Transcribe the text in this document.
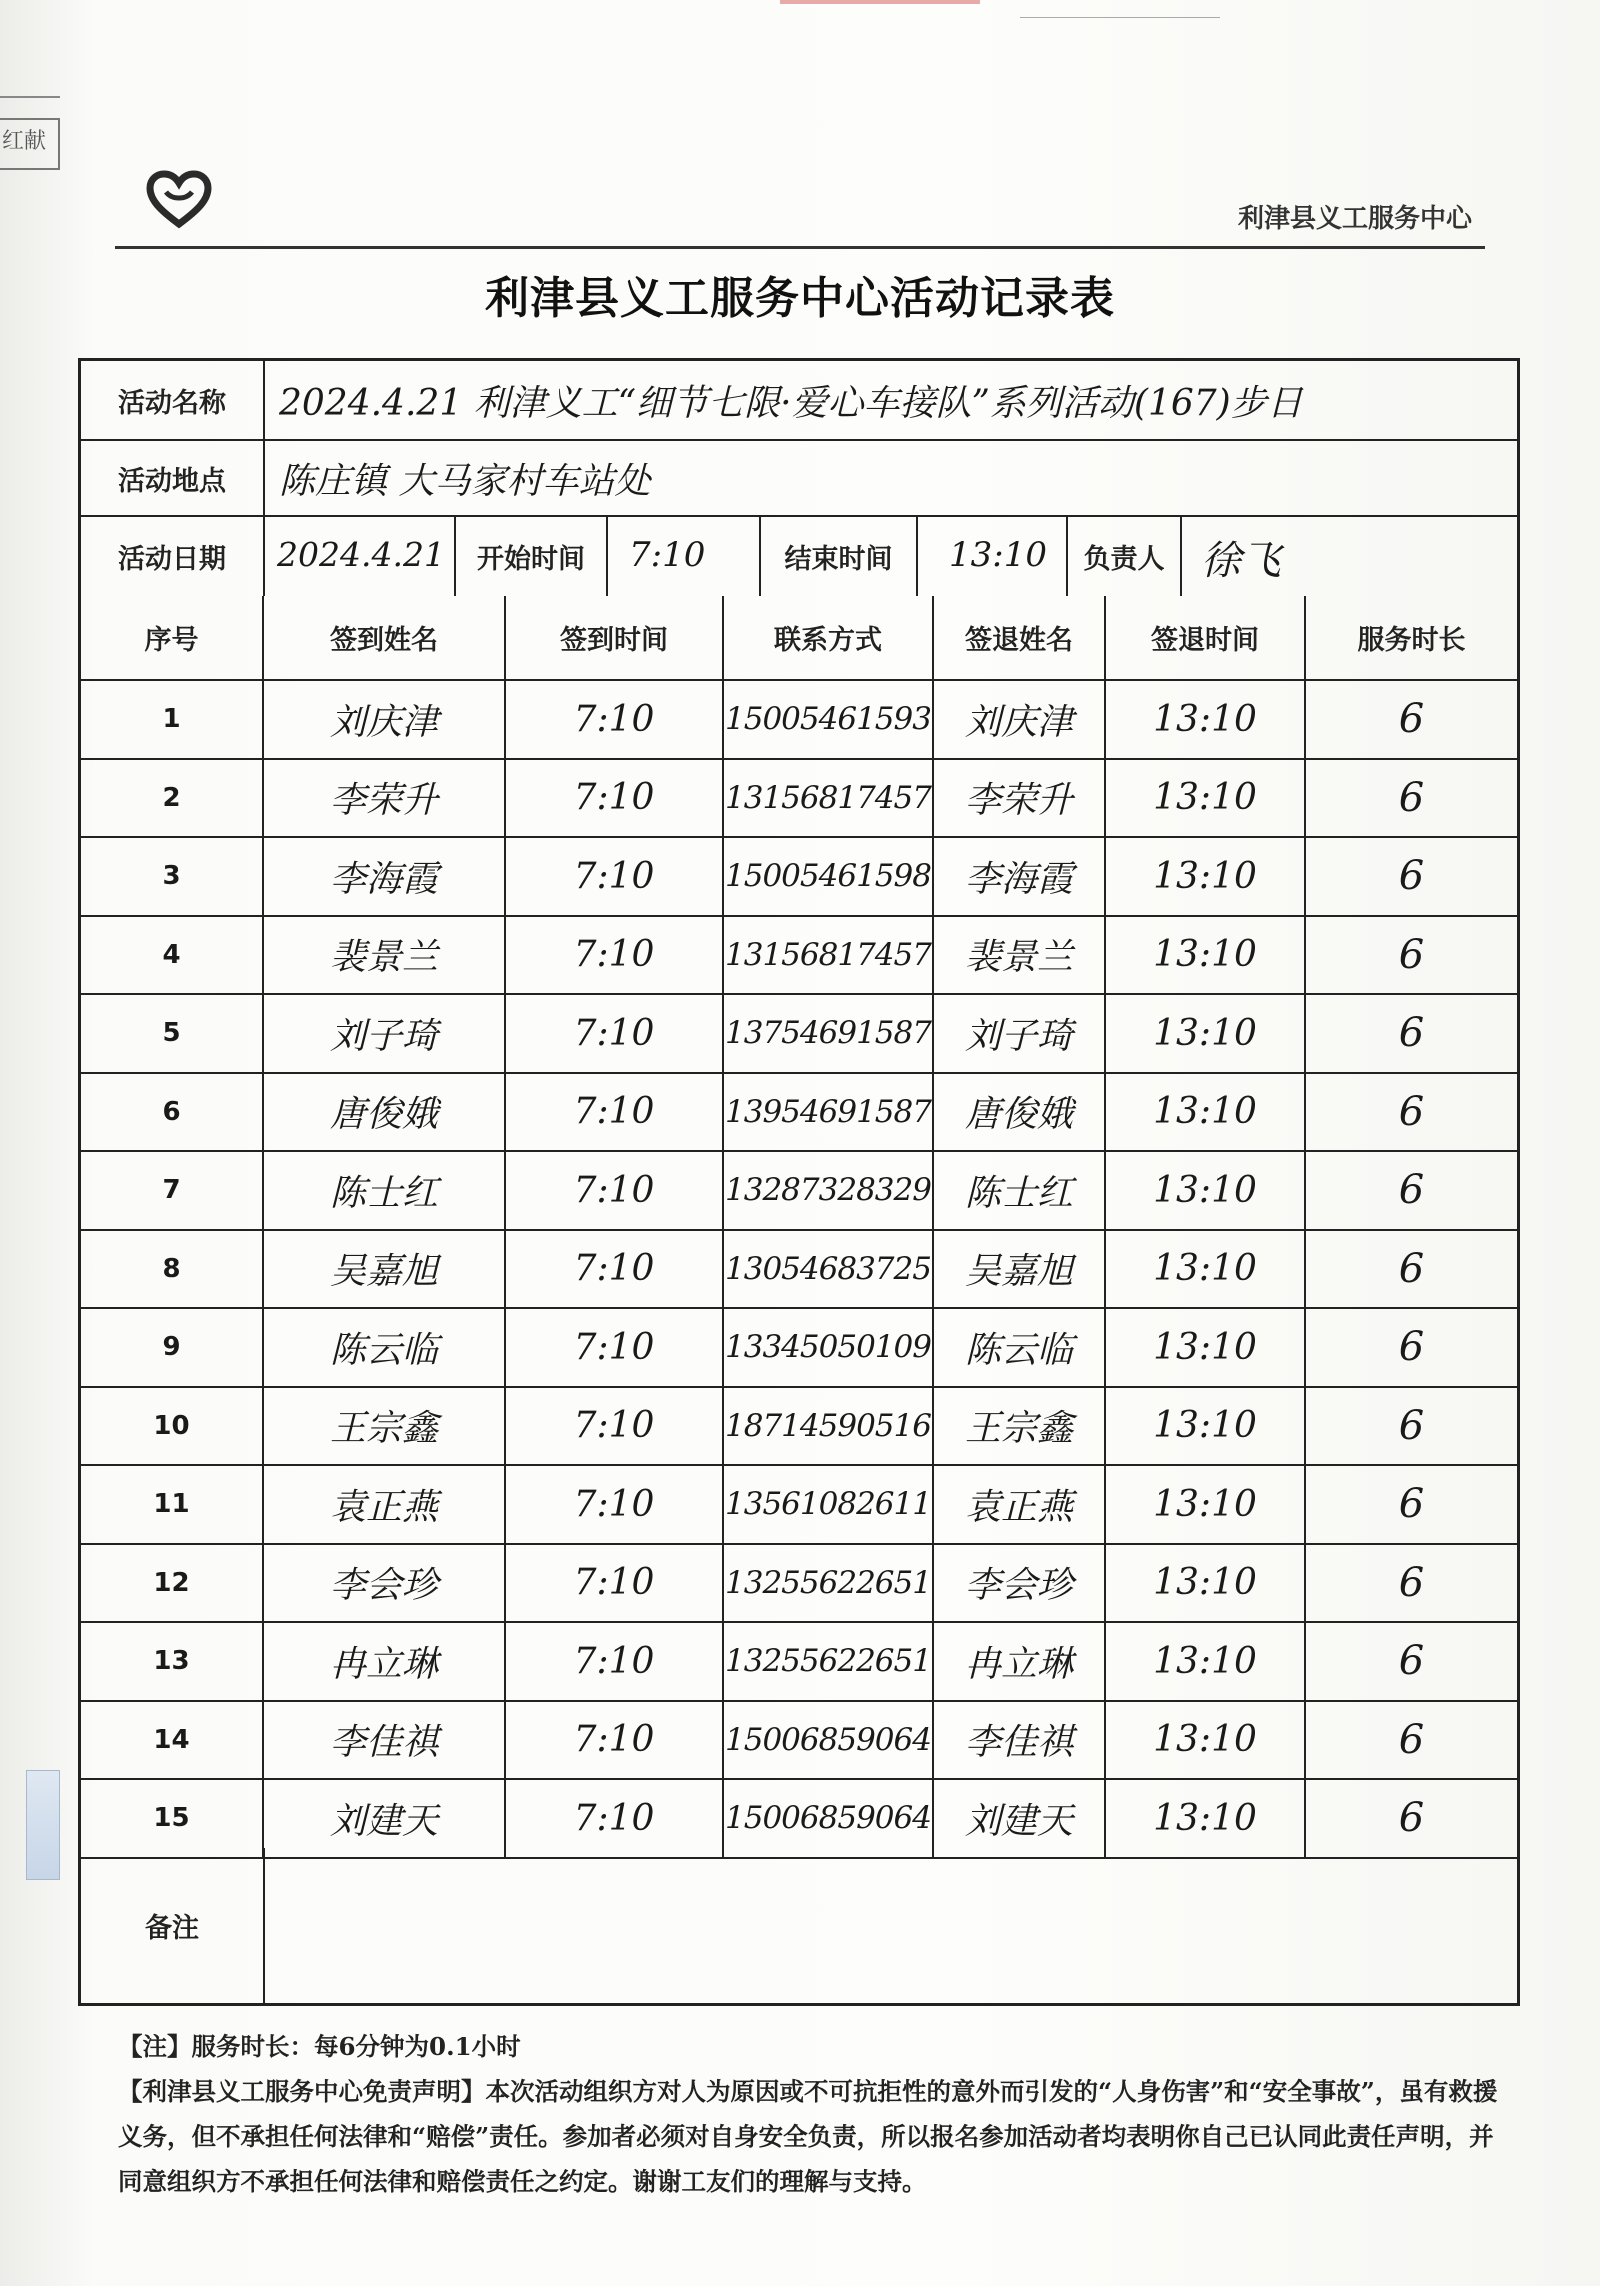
红献
利津县义工服务中心
利津县义工服务中心活动记录表
活动名称	2024.4.21 利津义工“细节七限·爱心车接队”系列活动(167)步日
活动地点	陈庄镇 大马家村车站处
活动日期	2024.4.21	开始时间	7:10	结束时间	13:10	负责人 徐飞
序号	签到姓名	签到时间	联系方式	签退姓名	签退时间	服务时长
1	刘庆津	7:10	15005461593	刘庆津	13:10	6
2	李荣升	7:10	13156817457	李荣升	13:10	6
3	李海霞	7:10	15005461598	李海霞	13:10	6
4	裴景兰	7:10	13156817457	裴景兰	13:10	6
5	刘子琦	7:10	13754691587	刘子琦	13:10	6
6	唐俊娥	7:10	13954691587	唐俊娥	13:10	6
7	陈士红	7:10	13287328329	陈士红	13:10	6
8	吴嘉旭	7:10	13054683725	吴嘉旭	13:10	6
9	陈云临	7:10	13345050109	陈云临	13:10	6
10	王宗鑫	7:10	18714590516	王宗鑫	13:10	6
11	袁正燕	7:10	13561082611	袁正燕	13:10	6
12	李会珍	7:10	13255622651	李会珍	13:10	6
13	冉立琳	7:10	13255622651	冉立琳	13:10	6
14	李佳祺	7:10	15006859064	李佳祺	13:10	6
15	刘建天	7:10	15006859064	刘建天	13:10	6
备注
【注】服务时长：每6分钟为0.1小时
【利津县义工服务中心免责声明】本次活动组织方对人为原因或不可抗拒性的意外而引发的“人身伤害”和“安全事故”，虽有救援义务，但不承担任何法律和“赔偿”责任。参加者必须对自身安全负责，所以报名参加活动者均表明你自己已认同此责任声明，并同意组织方不承担任何法律和赔偿责任之约定。谢谢工友们的理解与支持。
